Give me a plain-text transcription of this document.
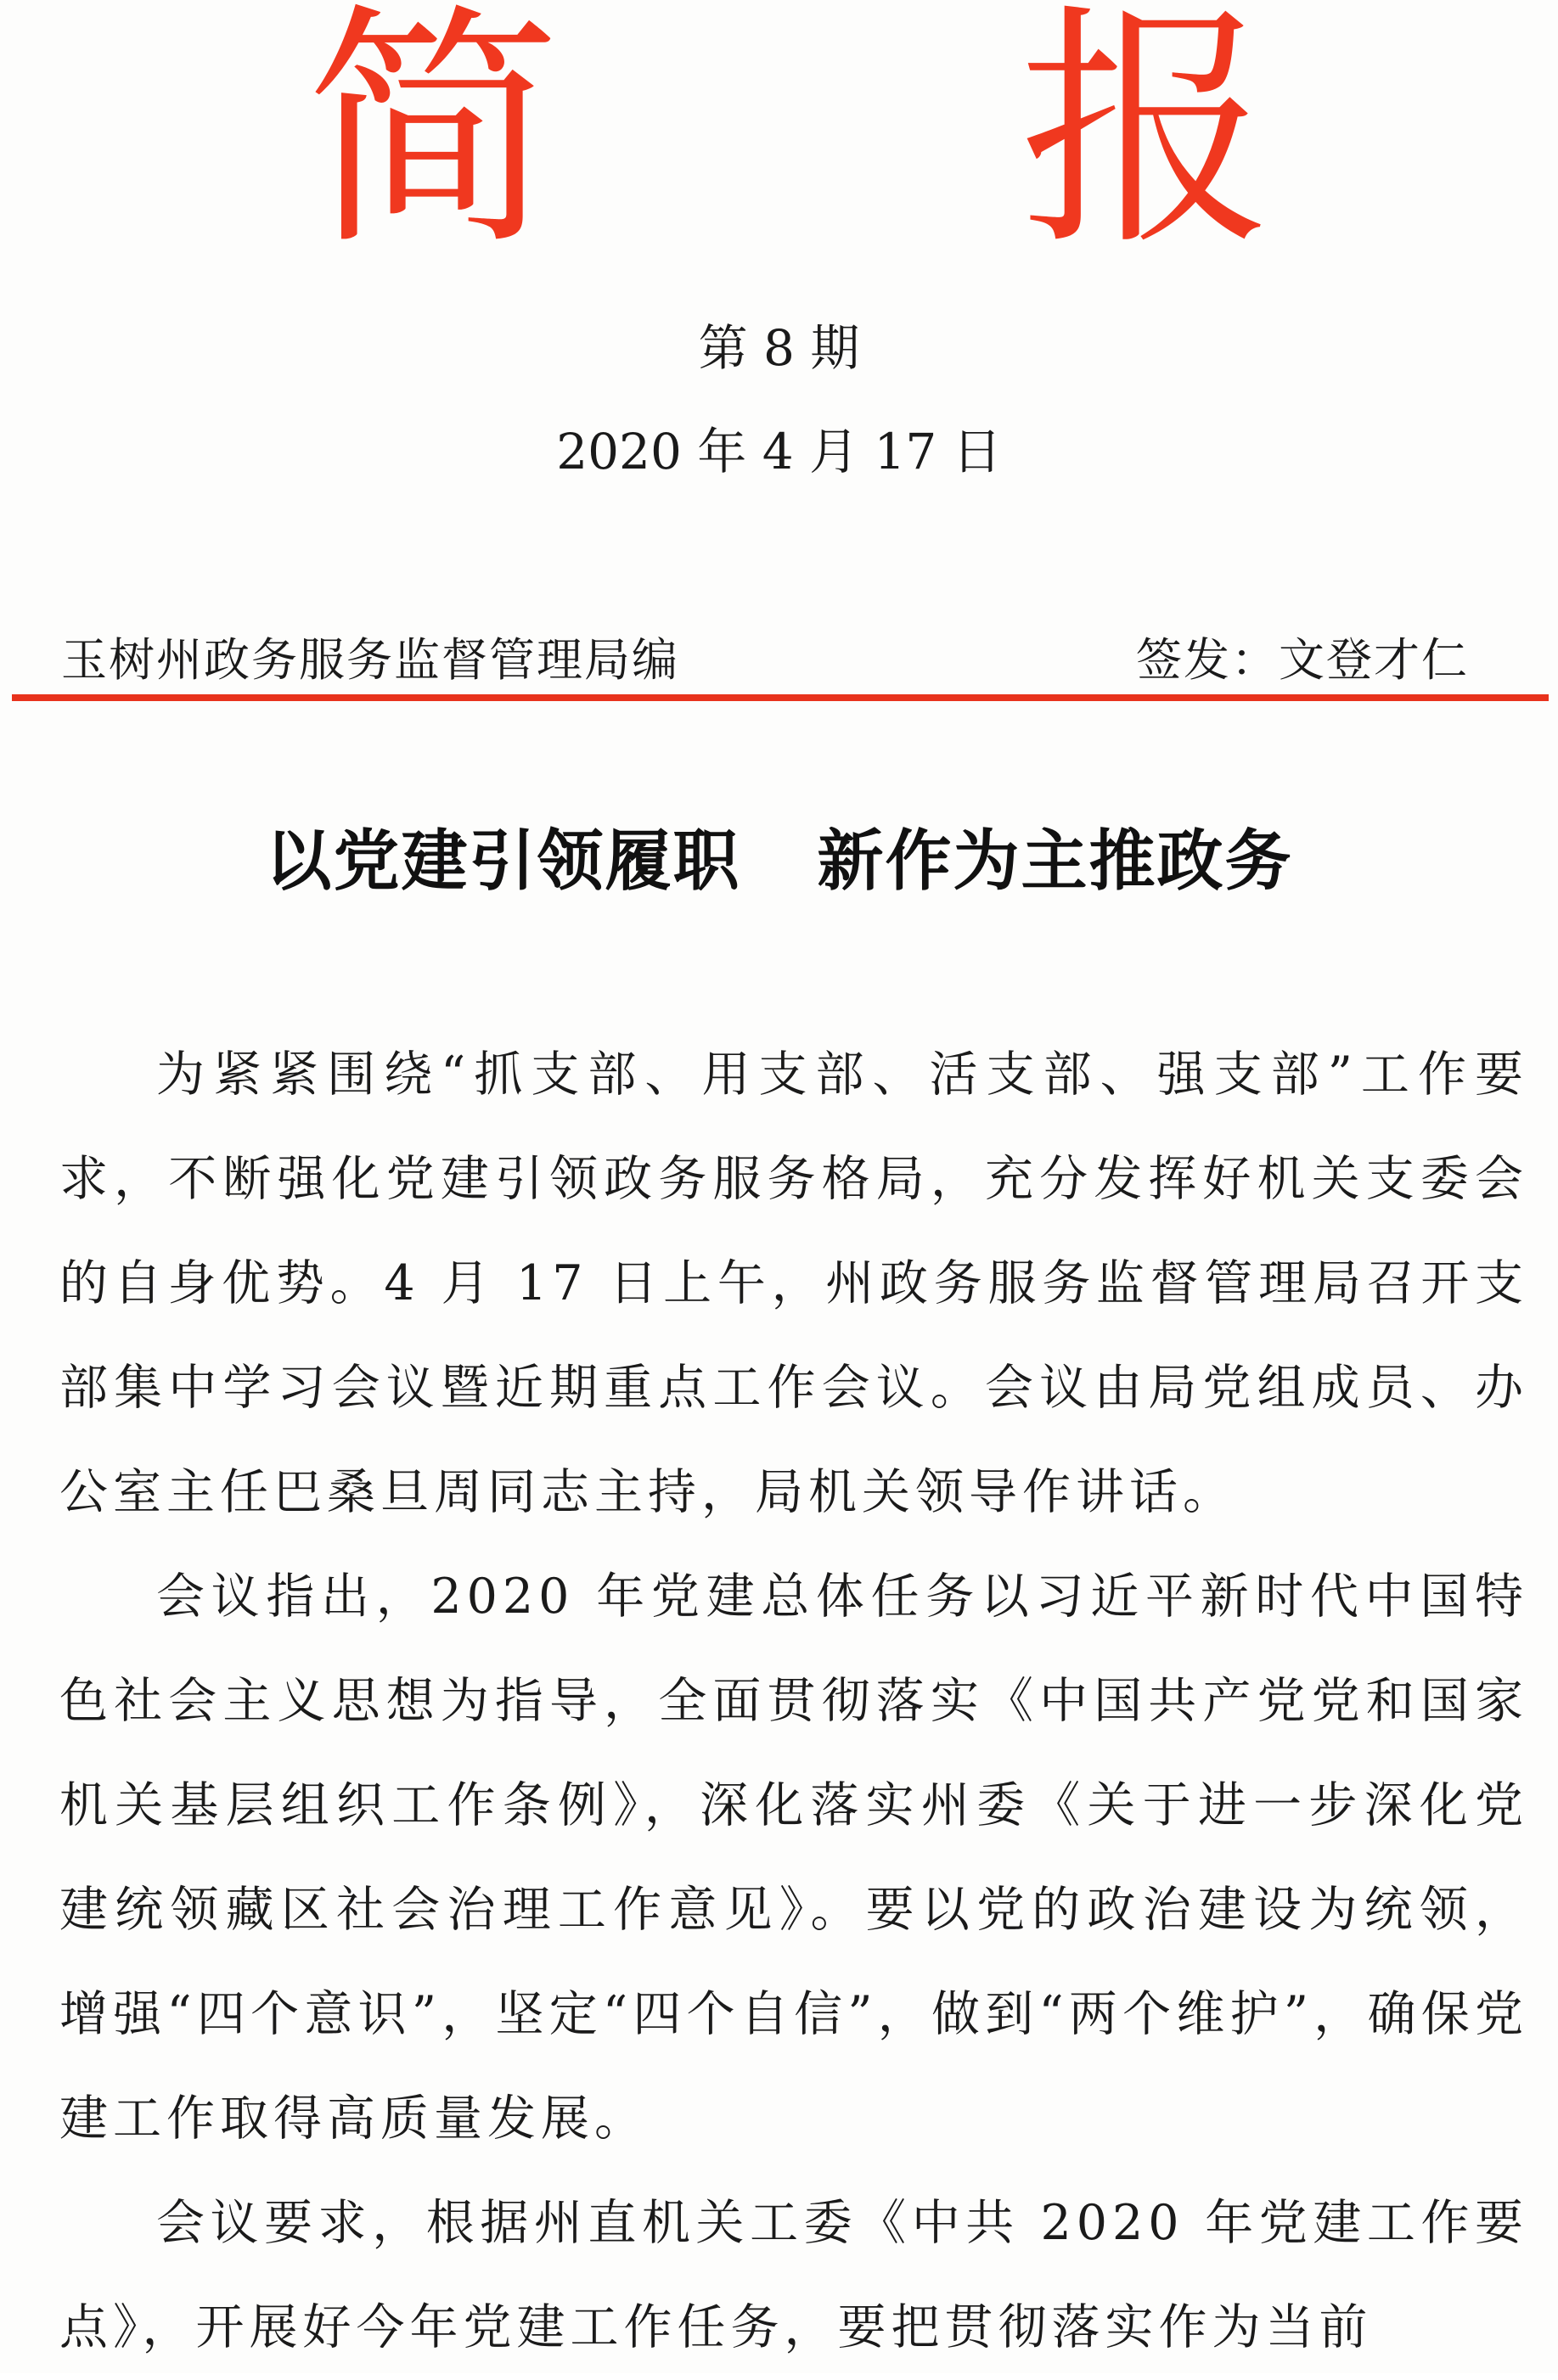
简 报
第 8 期
2020 年 4 月 17 日
玉树州政务服务监督管理局编	签发：文登才仁
以党建引领履职 新作为主推政务

为紧紧围绕“抓支部、用支部、活支部、强支部”工作要求，不断强化党建引领政务服务格局，充分发挥好机关支委会的自身优势。4 月 17 日上午，州政务服务监督管理局召开支部集中学习会议暨近期重点工作会议。会议由局党组成员、办公室主任巴桑旦周同志主持，局机关领导作讲话。

会议指出，2020 年党建总体任务以习近平新时代中国特色社会主义思想为指导，全面贯彻落实《中国共产党党和国家机关基层组织工作条例》，深化落实州委《关于进一步深化党建统领藏区社会治理工作意见》。要以党的政治建设为统领，增强“四个意识”，坚定“四个自信”，做到“两个维护”，确保党建工作取得高质量发展。

会议要求，根据州直机关工委《中共 2020 年党建工作要点》，开展好今年党建工作任务，要把贯彻落实作为当前
